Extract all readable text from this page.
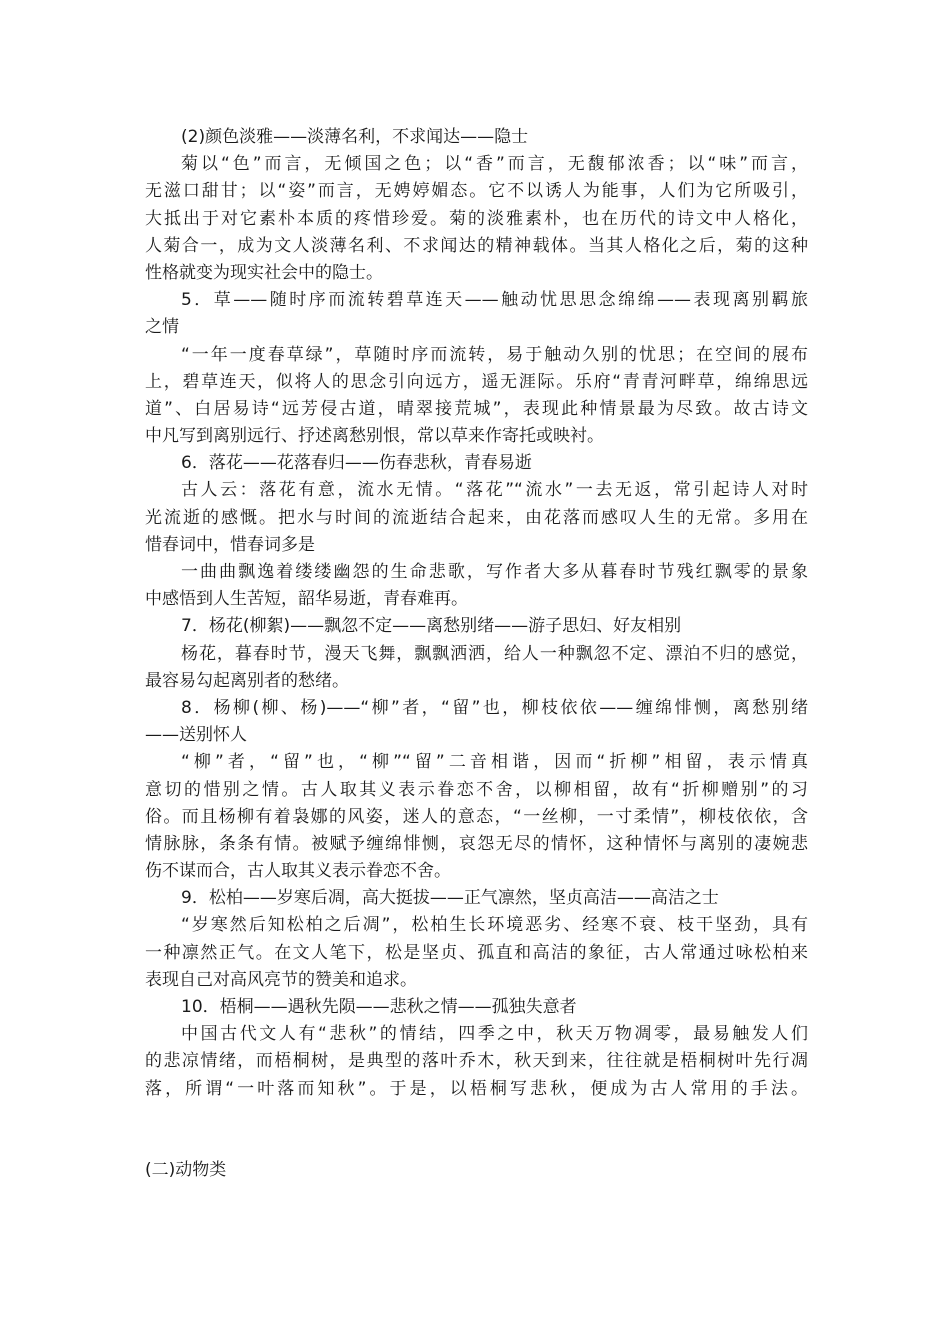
(2)颜色淡雅——淡薄名利，不求闻达——隐士
菊以“色”而言，无倾国之色；以“香”而言，无馥郁浓香；以“味”而言，
无滋口甜甘；以“姿”而言，无娉婷媚态。它不以诱人为能事，人们为它所吸引，
大抵出于对它素朴本质的疼惜珍爱。菊的淡雅素朴，也在历代的诗文中人格化，
人菊合一，成为文人淡薄名利、不求闻达的精神载体。当其人格化之后，菊的这种
性格就变为现实社会中的隐士。
5．草——随时序而流转碧草连天——触动忧思思念绵绵——表现离别羁旅
之情
“一年一度春草绿”，草随时序而流转，易于触动久别的忧思；在空间的展布
上，碧草连天，似将人的思念引向远方，遥无涯际。乐府“青青河畔草，绵绵思远
道”、白居易诗“远芳侵古道，晴翠接荒城”，表现此种情景最为尽致。故古诗文
中凡写到离别远行、抒述离愁别恨，常以草来作寄托或映衬。
6．落花——花落春归——伤春悲秋，青春易逝
古人云：落花有意，流水无情。“落花”“流水”一去无返，常引起诗人对时
光流逝的感慨。把水与时间的流逝结合起来，由花落而感叹人生的无常。多用在
惜春词中，惜春词多是
一曲曲飘逸着缕缕幽怨的生命悲歌，写作者大多从暮春时节残红飘零的景象
中感悟到人生苦短，韶华易逝，青春难再。
7．杨花(柳絮)——飘忽不定——离愁别绪——游子思妇、好友相别
杨花，暮春时节，漫天飞舞，飘飘洒洒，给人一种飘忽不定、漂泊不归的感觉，
最容易勾起离别者的愁绪。
8．杨柳(柳、杨)——“柳”者，“留”也，柳枝依依——缠绵悱恻，离愁别绪
——送别怀人
“柳”者，“留”也，“柳”“留”二音相谐，因而“折柳”相留，表示情真
意切的惜别之情。古人取其义表示眷恋不舍，以柳相留，故有“折柳赠别”的习
俗。而且杨柳有着袅娜的风姿，迷人的意态，“一丝柳，一寸柔情”，柳枝依依，含
情脉脉，条条有情。被赋予缠绵悱恻，哀怨无尽的情怀，这种情怀与离别的凄婉悲
伤不谋而合，古人取其义表示眷恋不舍。
9．松柏——岁寒后凋，高大挺拔——正气凛然，坚贞高洁——高洁之士
“岁寒然后知松柏之后凋”，松柏生长环境恶劣、经寒不衰、枝干坚劲，具有
一种凛然正气。在文人笔下，松是坚贞、孤直和高洁的象征，古人常通过咏松柏来
表现自己对高风亮节的赞美和追求。
10．梧桐——遇秋先陨——悲秋之情——孤独失意者
中国古代文人有“悲秋”的情结，四季之中，秋天万物凋零，最易触发人们
的悲凉情绪，而梧桐树，是典型的落叶乔木，秋天到来，往往就是梧桐树叶先行凋
落，所谓“一叶落而知秋”。于是，以梧桐写悲秋，便成为古人常用的手法。
(二)动物类
